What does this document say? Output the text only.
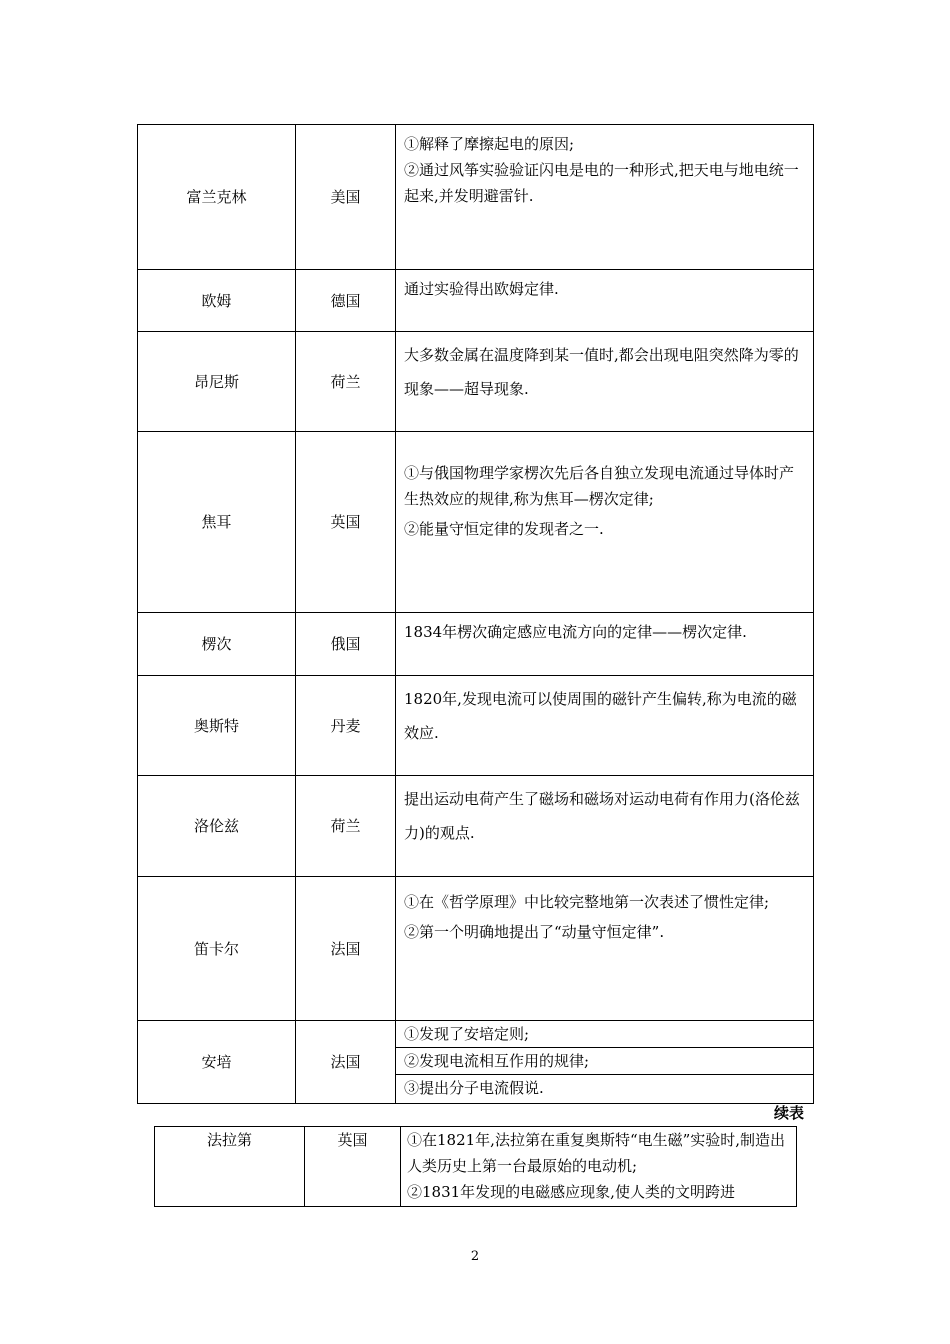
富兰克林	美国	①解释了摩擦起电的原因;

②通过风筝实验验证闪电是电的一种形式,把天电与地电统一起来,并发明避雷针.

欧姆	德国	通过实验得出欧姆定律.

昂尼斯	荷兰	大多数金属在温度降到某一值时,都会出现电阻突然降为零的现象——超导现象.

焦耳	英国	①与俄国物理学家楞次先后各自独立发现电流通过导体时产生热效应的规律,称为焦耳—楞次定律;

②能量守恒定律的发现者之一.

楞次	俄国	1834年楞次确定感应电流方向的定律——楞次定律.

奥斯特	丹麦	1820年,发现电流可以使周围的磁针产生偏转,称为电流的磁效应.

洛伦兹	荷兰	提出运动电荷产生了磁场和磁场对运动电荷有作用力(洛伦兹力)的观点.

笛卡尔	法国	①在《哲学原理》中比较完整地第一次表述了惯性定律;

②第一个明确地提出了“动量守恒定律”.

安培	法国	①发现了安培定则;
②发现电流相互作用的规律;
③提出分子电流假说.
续表
法拉第	英国	①在1821年,法拉第在重复奥斯特“电生磁”实验时,制造出人类历史上第一台最原始的电动机;

②1831年发现的电磁感应现象,使人类的文明跨进

2
